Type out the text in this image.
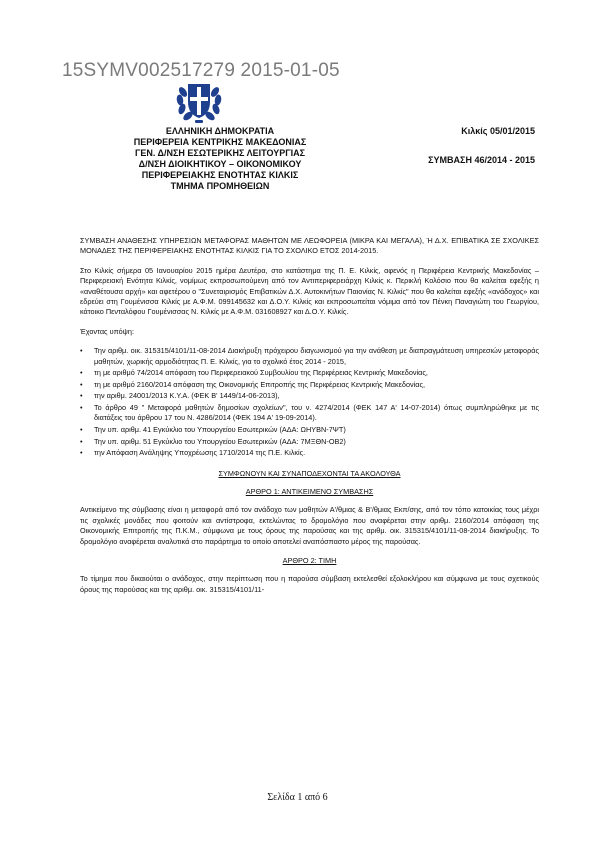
15SYMV002517279 2015-01-05
ΕΛΛΗΝΙΚΗ ΔΗΜΟΚΡΑΤΙΑ
ΠΕΡΙΦΕΡΕΙΑ ΚΕΝΤΡΙΚΗΣ ΜΑΚΕΔΟΝΙΑΣ
ΓΕΝ. Δ/ΝΣΗ ΕΣΩΤΕΡΙΚΗΣ ΛΕΙΤΟΥΡΓΙΑΣ
Δ/ΝΣΗ ΔΙΟΙΚΗΤΙΚΟΥ – ΟΙΚΟΝΟΜΙΚΟΥ
ΠΕΡΙΦΕΡΕΙΑΚΗΣ ΕΝΟΤΗΤΑΣ ΚΙΛΚΙΣ
ΤΜΗΜΑ ΠΡΟΜΗΘΕΙΩΝ
Κιλκίς 05/01/2015
ΣΥΜΒΑΣΗ 46/2014 - 2015

ΣΥΜΒΑΣΗ ΑΝΑΘΕΣΗΣ ΥΠΗΡΕΣΙΩΝ ΜΕΤΑΦΟΡΑΣ ΜΑΘΗΤΩΝ ΜΕ ΛΕΩΦΟΡΕΙΑ (ΜΙΚΡΑ ΚΑΙ ΜΕΓΑΛΑ), Ή Δ.Χ. ΕΠΙΒΑΤΙΚΑ ΣΕ ΣΧΟΛΙΚΕΣ ΜΟΝΑΔΕΣ ΤΗΣ ΠΕΡΙΦΕΡΕΙΑΚΗΣ ΕΝΟΤΗΤΑΣ ΚΙΛΚΙΣ ΓΙΑ ΤΟ ΣΧΟΛΙΚΟ ΕΤΟΣ 2014-2015.

Στο Κιλκίς σήμερα 05 Ιανουαρίου 2015 ημέρα Δευτέρα, στο κατάστημα της Π. Ε. Κιλκίς, αφενός η Περιφέρεια Κεντρικής Μακεδονίας – Περιφερειακή Ενότητα Κιλκίς, νομίμως εκπροσωπούμενη από τον Αντιπεριφερειάρχη Κιλκίς κ. Περικλή Κολόσιο που θα καλείται εφεξής η «αναθέτουσα αρχή» και αφετέρου ο "Συνεταιρισμός Επιβατικών Δ.Χ. Αυτοκινήτων Παιονίας Ν. Κιλκίς" που θα καλείται εφεξής «ανάδοχος» και εδρεύει στη Γουμένισσα Κιλκίς με Α.Φ.Μ. 099145632 και Δ.Ο.Υ. Κιλκίς και εκπροσωπείται νόμιμα από τον Πένκη Παναγιώτη του Γεωργίου, κάτοικο Πενταλόφου Γουμένισσας Ν. Κιλκίς με Α.Φ.Μ. 031608927 και Δ.Ο.Υ. Κιλκίς.

Έχοντας υπόψη:

• Την αριθμ. οικ. 315315/4101/11-08-2014 Διακήρυξη πρόχειρου διαγωνισμού για την ανάθεση με διαπραγμάτευση υπηρεσιών μεταφοράς μαθητών, χωρικής αρμοδιότητας Π. Ε. Κιλκίς, για το σχολικό έτος 2014 - 2015,
• τη με αριθμό 74/2014 απόφαση του Περιφερειακού Συμβουλίου της Περιφέρειας Κεντρικής Μακεδονίας,
• τη με αριθμό 2160/2014 απόφαση της Οικονομικής Επιτροπής της Περιφέρειας Κεντρικής Μακεδονίας,
• την αριθμ. 24001/2013 Κ.Υ.Α. (ΦΕΚ Β' 1449/14-06-2013),
• Το άρθρο 49 " Μεταφορά μαθητών δημοσίων σχολείων", του ν. 4274/2014 (ΦΕΚ 147 Α' 14-07-2014) όπως συμπληρώθηκε με τις διατάξεις του άρθρου 17 του Ν. 4286/2014 (ΦΕΚ 194 Α' 19-09-2014).
• Την υπ. αριθμ. 41 Εγκύκλιο του Υπουργείου Εσωτερικών (ΑΔΑ: ΩΗΥΒΝ-7ΨΤ)
• Την υπ. αριθμ. 51 Εγκύκλιο του Υπουργείου Εσωτερικών (ΑΔΑ: 7ΜΞΘΝ-ΟΒ2)
• την Απόφαση Ανάληψης Υποχρέωσης 1710/2014 της Π.Ε. Κιλκίς.
ΣΥΜΦΩΝΟΥΝ ΚΑΙ ΣΥΝΑΠΟΔΕΧΟΝΤΑΙ ΤΑ ΑΚΟΛΟΥΘΑ
ΑΡΘΡΟ 1: ΑΝΤΙΚΕΙΜΕΝΟ ΣΥΜΒΑΣΗΣ

Αντικείμενο της σύμβασης είναι η μεταφορά από τον ανάδοχο των μαθητών Α'/θμιας & Β'/θμιας Εκπ/σης, από τον τόπο κατοικίας τους μέχρι τις σχολικές μονάδες που φοιτούν και αντίστροφα, εκτελώντας το δρομολόγιο που αναφέρεται στην αριθμ. 2160/2014 απόφαση της Οικονομικής Επιτροπής της Π.Κ.Μ., σύμφωνα με τους όρους της παρούσας και της αριθμ. οικ. 315315/4101/11-08-2014 διακήρυξης. Το δρομολόγιο αναφέρεται αναλυτικά στο παράρτημα το οποίο αποτελεί αναπόσπαστο μέρος της παρούσας.

ΑΡΘΡΟ 2: ΤΙΜΗ

Το τίμημα που δικαιούται ο ανάδοχος, στην περίπτωση που η παρούσα σύμβαση εκτελεσθεί εξολοκλήρου και σύμφωνα με τους σχετικούς όρους της παρούσας και της αριθμ. οικ. 315315/4101/11-

Σελίδα 1 από 6
